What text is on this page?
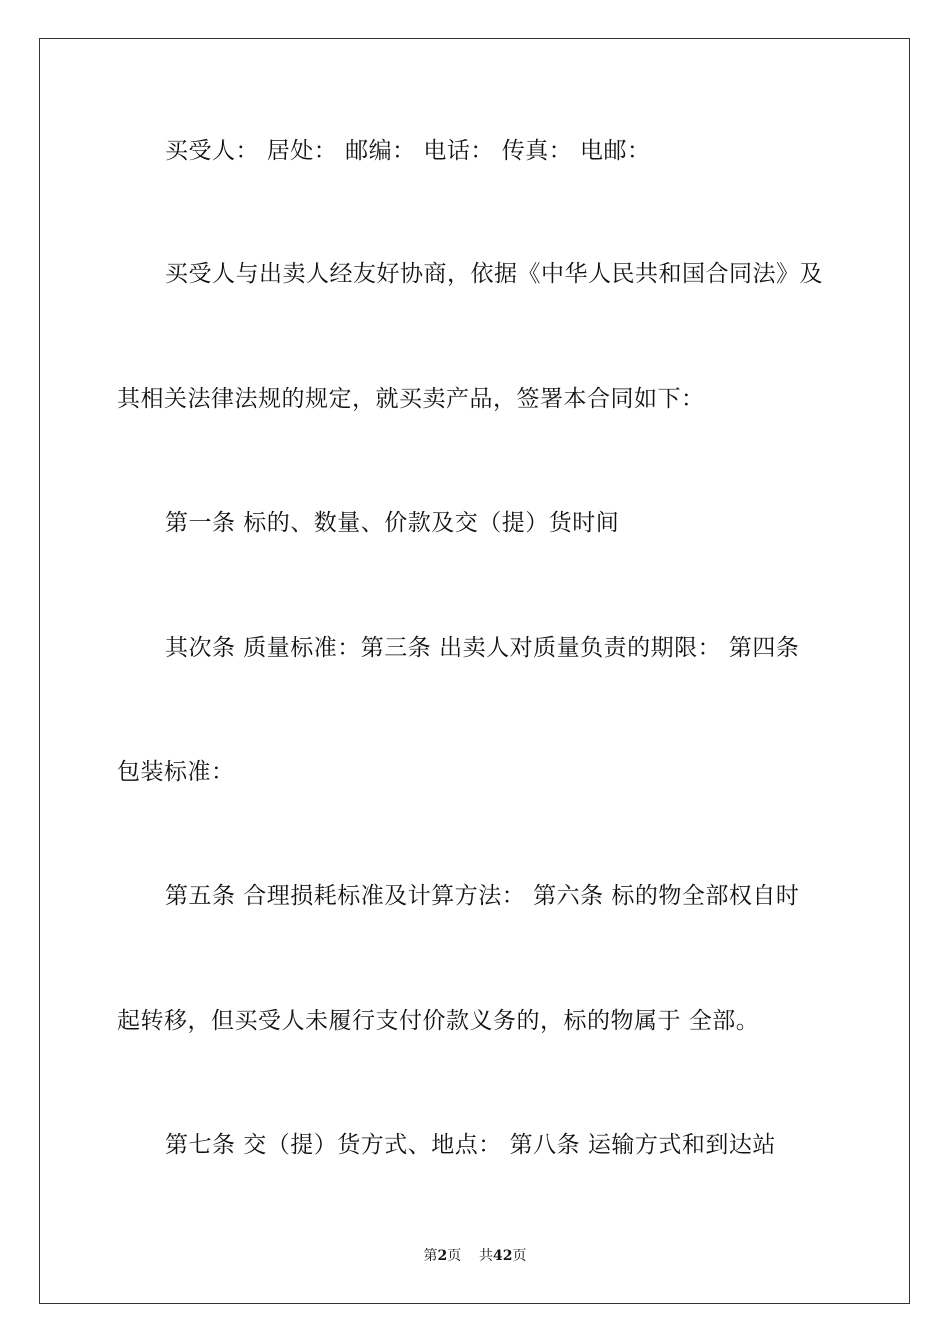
买受人： 居处： 邮编： 电话： 传真： 电邮：
买受人与出卖人经友好协商，依据《中华人民共和国合同法》及
其相关法律法规的规定，就买卖产品，签署本合同如下：
第一条 标的、数量、价款及交（提）货时间
其次条 质量标准：第三条 出卖人对质量负责的期限： 第四条
包装标准：
第五条 合理损耗标准及计算方法： 第六条 标的物全部权自时
起转移，但买受人未履行支付价款义务的，标的物属于 全部。
第七条 交（提）货方式、地点： 第八条 运输方式和到达站
第2页 共42页
